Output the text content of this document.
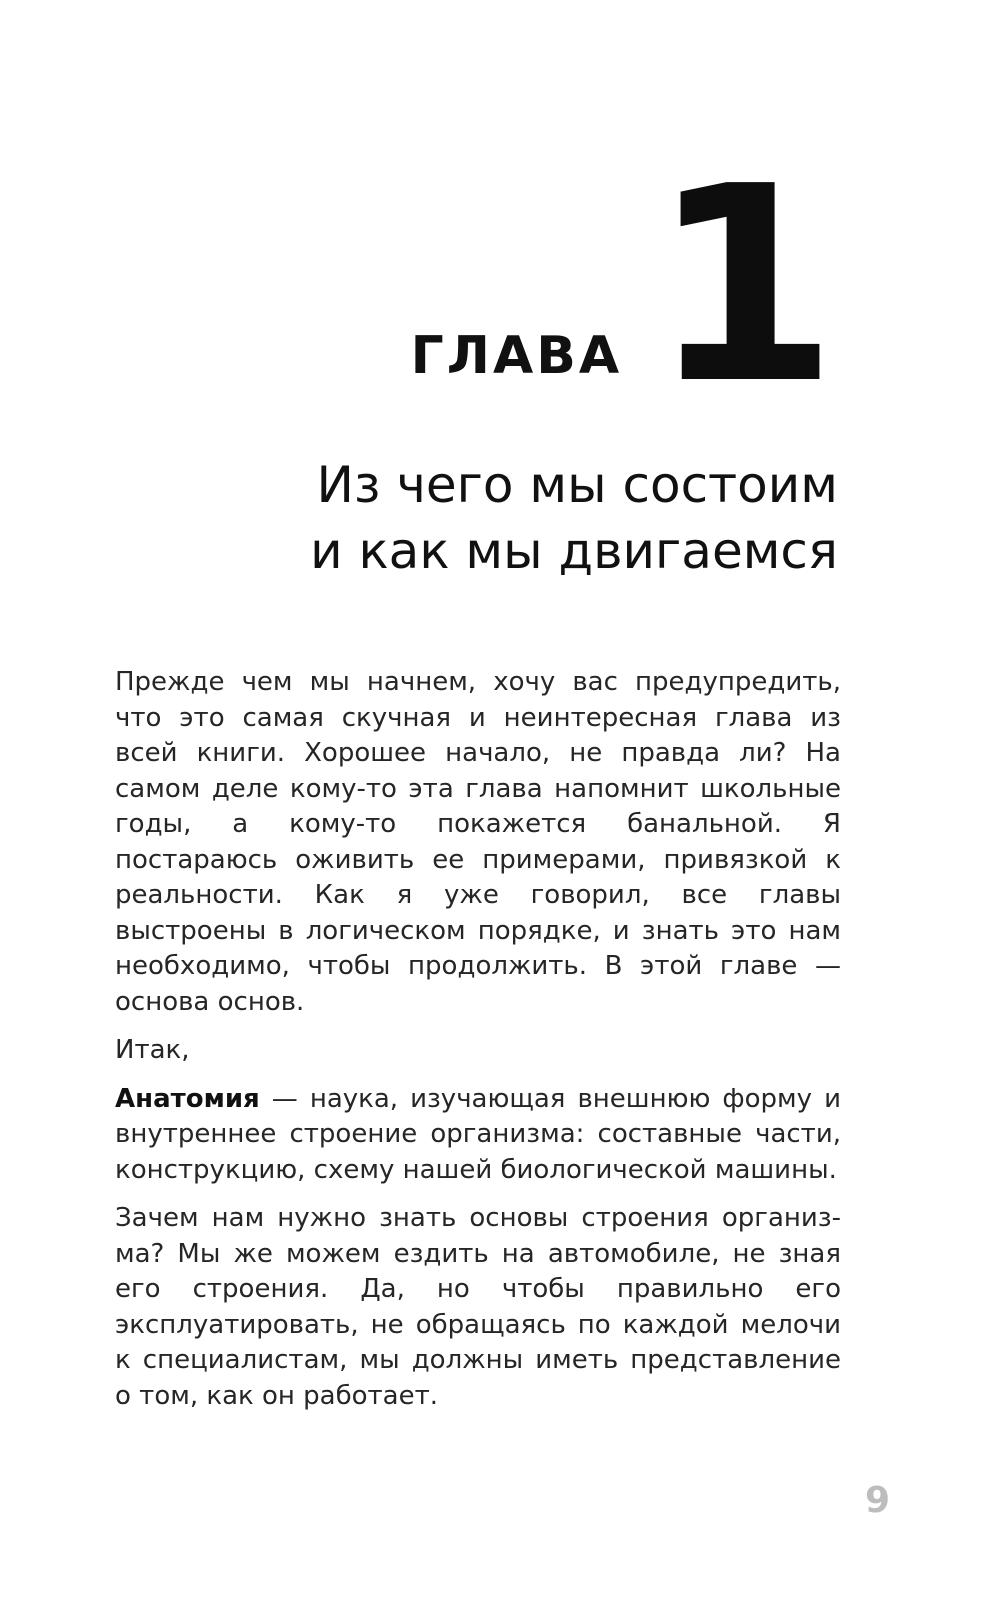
ГЛАВА 1
Из чего мы состоим
и как мы двигаемся

Прежде чем мы начнем, хочу вас предупредить, что это самая скучная и неинтересная глава из всей книги. Хорошее начало, не правда ли? На самом деле кому-то эта глава напомнит школьные годы, а кому-то покажется банальной. Я постараюсь оживить ее примерами, привязкой к реальности. Как я уже говорил, все главы выстроены в логическом порядке, и знать это нам необходимо, чтобы продолжить. В этой главе — основа основ.

Итак,

Анатомия — наука, изучающая внешнюю форму и внутреннее строение организма: составные части, конструкцию, схему нашей биологической машины.

Зачем нам нужно знать основы строения организма? Мы же можем ездить на автомобиле, не зная его строения. Да, но чтобы правильно его эксплуатировать, не обращаясь по каждой мелочи к специалистам, мы должны иметь представление о том, как он работает.

9
